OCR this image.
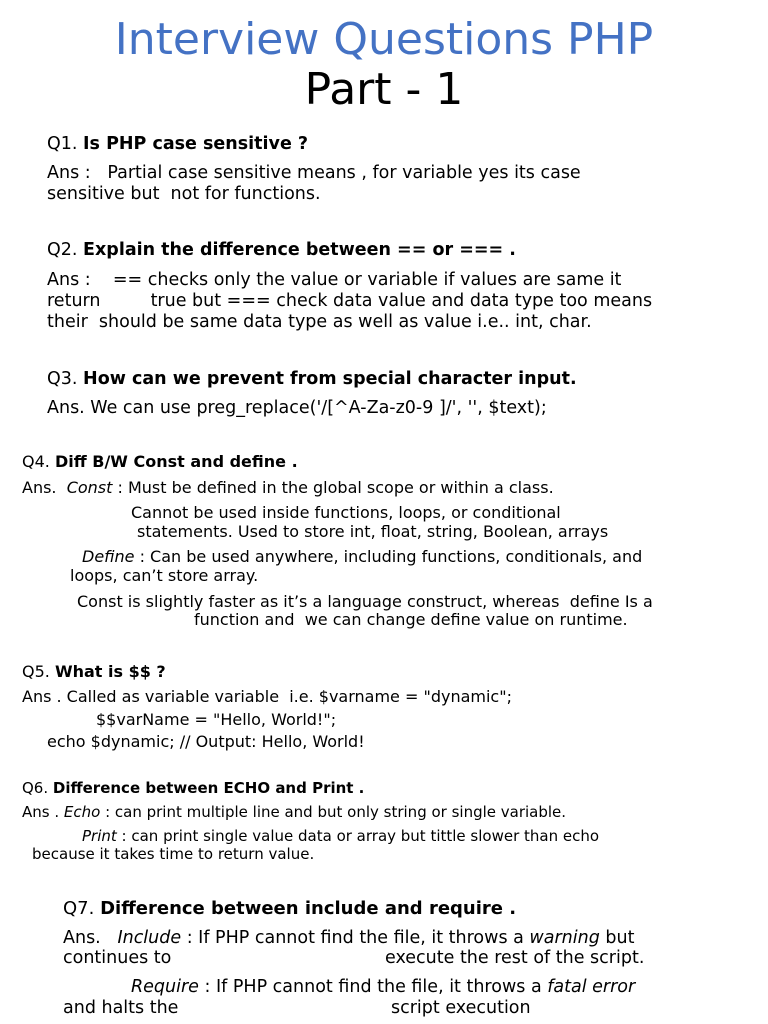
Interview Questions PHP
Part - 1
Q1. Is PHP case sensitive ?
Ans :   Partial case sensitive means , for variable yes its case
sensitive but  not for functions.
Q2. Explain the difference between == or === .
Ans :    == checks only the value or variable if values are same it
return         true but === check data value and data type too means
their  should be same data type as well as value i.e.. int, char.
Q3. How can we prevent from special character input.
Ans. We can use preg_replace('/[^A-Za-z0-9 ]/', '', $text);
Q4. Diff B/W Const and define .
Ans.  Const : Must be defined in the global scope or within a class.
Cannot be used inside functions, loops, or conditional
statements. Used to store int, float, string, Boolean, arrays
Define : Can be used anywhere, including functions, conditionals, and
loops, can’t store array.
Const is slightly faster as it’s a language construct, whereas  define Is a
function and  we can change define value on runtime.
Q5. What is $$ ?
Ans . Called as variable variable  i.e. $varname = "dynamic";
$$varName = "Hello, World!";
echo $dynamic; // Output: Hello, World!
Q6. Difference between ECHO and Print .
Ans . Echo : can print multiple line and but only string or single variable.
Print : can print single value data or array but tittle slower than echo
because it takes time to return value.
Q7. Difference between include and require .
Ans.   Include : If PHP cannot find the file, it throws a warning but
continues to	execute the rest of the script.
Require : If PHP cannot find the file, it throws a fatal error
and halts the	script execution
